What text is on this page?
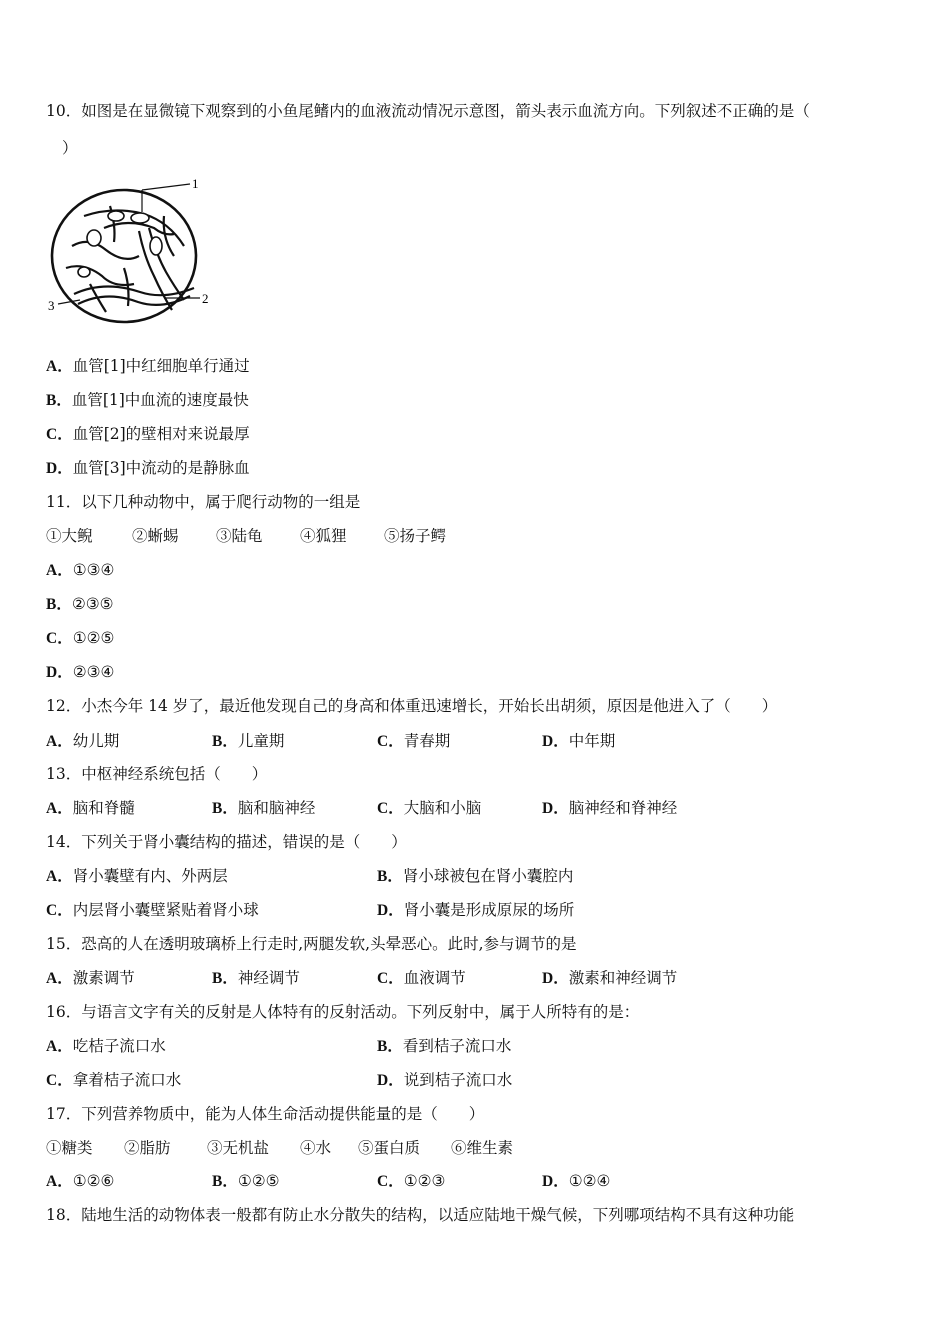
10．如图是在显微镜下观察到的小鱼尾鳍内的血液流动情况示意图，箭头表示血流方向。下列叙述不正确的是（
）
1
2
3
A．血管[1]中红细胞单行通过
B．血管[1]中血流的速度最快
C．血管[2]的壁相对来说最厚
D．血管[3]中流动的是静脉血
11．以下几种动物中，属于爬行动物的一组是
①大鲵	②蜥蜴 ③陆龟 ④狐狸 ⑤扬子鳄
A．①③④
B．②③⑤
C．①②⑤
D．②③④
12．小杰今年 14 岁了，最近他发现自己的身高和体重迅速增长，开始长出胡须，原因是他进入了（　　）
A．幼儿期	B．儿童期	C．青春期	D．中年期
13．中枢神经系统包括（　　）
A．脑和脊髓	B．脑和脑神经	C．大脑和小脑	D．脑神经和脊神经
14．下列关于肾小囊结构的描述，错误的是（　　）
A．肾小囊壁有内、外两层	B．肾小球被包在肾小囊腔内
C．内层肾小囊壁紧贴着肾小球	D．肾小囊是形成原尿的场所
15．恐高的人在透明玻璃桥上行走时,两腿发软,头晕恶心。此时,参与调节的是
A．激素调节	B．神经调节	C．血液调节	D．激素和神经调节
16．与语言文字有关的反射是人体特有的反射活动。下列反射中，属于人所特有的是：
A．吃桔子流口水	B．看到桔子流口水
C．拿着桔子流口水	D．说到桔子流口水
17．下列营养物质中，能为人体生命活动提供能量的是（　　）
①糖类 ②脂肪 ③无机盐 ④水 ⑤蛋白质 ⑥维生素
A．①②⑥	B．①②⑤	C．①②③	D．①②④
18．陆地生活的动物体表一般都有防止水分散失的结构，以适应陆地干燥气候，下列哪项结构不具有这种功能
